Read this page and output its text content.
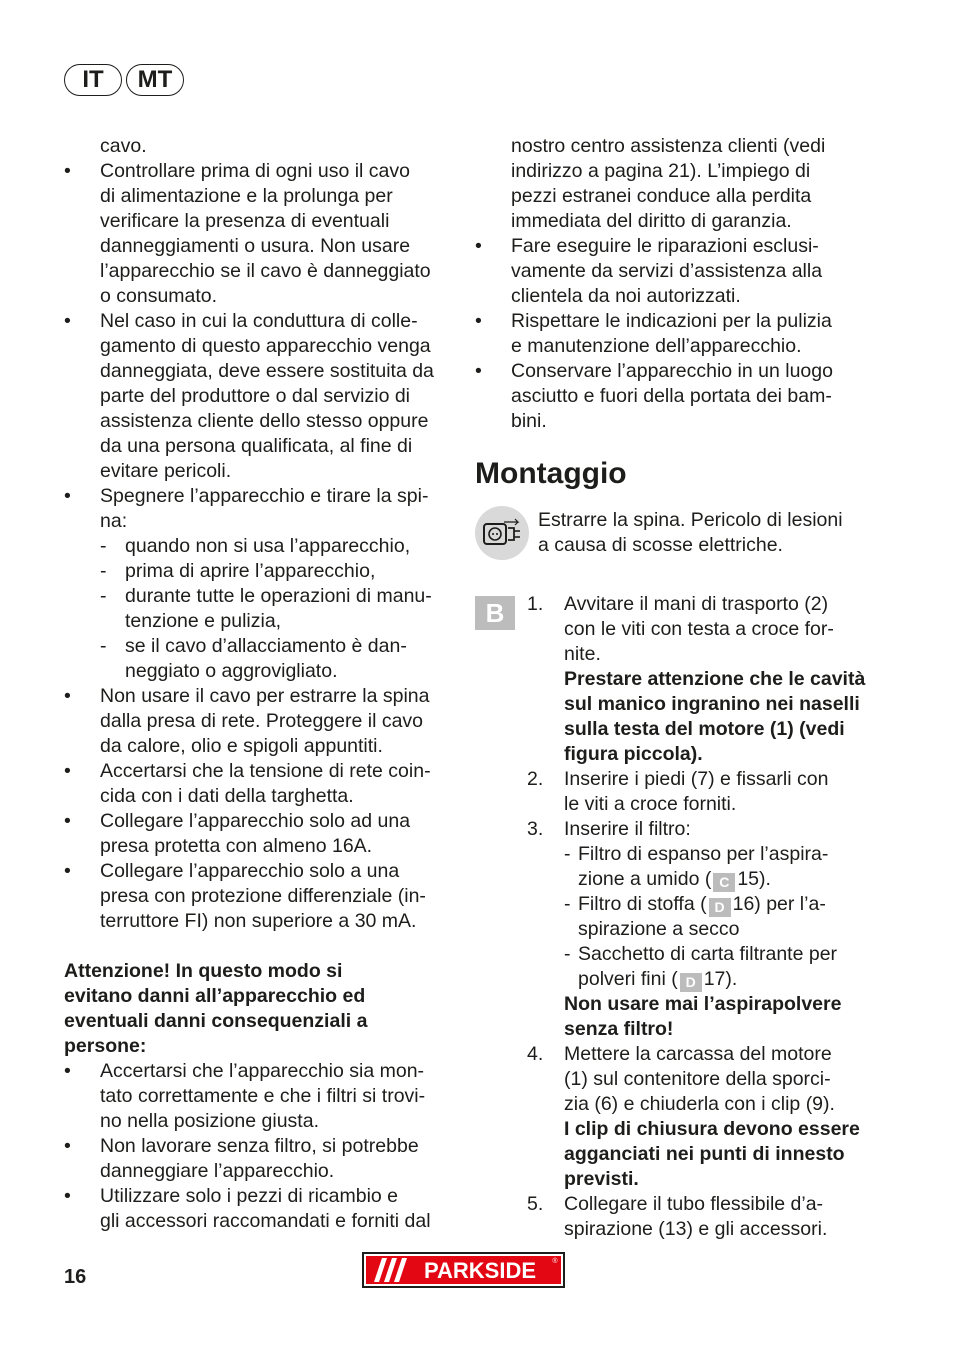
IT	MT
cavo.
• Controllare prima di ogni uso il cavo
di alimentazione e la prolunga per
verificare la presenza di eventuali
danneggiamenti o usura. Non usare
l’apparecchio se il cavo è danneggiato
o consumato.
• Nel caso in cui la conduttura di colle-
gamento di questo apparecchio venga
danneggiata, deve essere sostituita da
parte del produttore o dal servizio di
assistenza cliente dello stesso oppure
da una persona qualificata, al fine di
evitare pericoli.
• Spegnere l’apparecchio e tirare la spi-
na:
- quando non si usa l’apparecchio,
- prima di aprire l’apparecchio,
- durante tutte le operazioni di manu-
tenzione e pulizia,
- se il cavo d’allacciamento è dan-
neggiato o aggrovigliato.
• Non usare il cavo per estrarre la spina
dalla presa di rete. Proteggere il cavo
da calore, olio e spigoli appuntiti.
• Accertarsi che la tensione di rete coin-
cida con i dati della targhetta.
• Collegare l’apparecchio solo ad una
presa protetta con almeno 16A.
• Collegare l’apparecchio solo a una
presa con protezione differenziale (in-
terruttore FI) non superiore a 30 mA.
Attenzione! In questo modo si
evitano danni all’apparecchio ed
eventuali danni consequenziali a
persone:
• Accertarsi che l’apparecchio sia mon-
tato correttamente e che i filtri si trovi-
no nella posizione giusta.
• Non lavorare senza filtro, si potrebbe
danneggiare l’apparecchio.
• Utilizzare solo i pezzi di ricambio e
gli accessori raccomandati e forniti dal
nostro centro assistenza clienti (vedi
indirizzo a pagina 21). L’impiego di
pezzi estranei conduce alla perdita
immediata del diritto di garanzia.
• Fare eseguire le riparazioni esclusi-
vamente da servizi d’assistenza alla
clientela da noi autorizzati.
• Rispettare le indicazioni per la pulizia
e manutenzione dell’apparecchio.
• Conservare l’apparecchio in un luogo
asciutto e fuori della portata dei bam-
bini.
Montaggio
Estrarre la spina. Pericolo di lesioni
a causa di scosse elettriche.
B	1. Avvitare il mani di trasporto (2)
con le viti con testa a croce for-
nite.
Prestare attenzione che le cavità
sul manico ingranino nei naselli
sulla testa del motore (1) (vedi
figura piccola).
2. Inserire i piedi (7) e fissarli con
le viti a croce forniti.
3. Inserire il filtro:
- Filtro di espanso per l’aspira-
zione a umido ( C 15).
- Filtro di stoffa ( D 16) per l’a-
spirazione a secco
- Sacchetto di carta filtrante per
polveri fini ( D 17).
Non usare mai l’aspirapolvere
senza filtro!
4. Mettere la carcassa del motore
(1) sul contenitore della sporci-
zia (6) e chiuderla con i clip (9).
I clip di chiusura devono essere
agganciati nei punti di innesto
previsti.
5. Collegare il tubo flessibile d’a-
spirazione (13) e gli accessori.
16	PARKSIDE ®
